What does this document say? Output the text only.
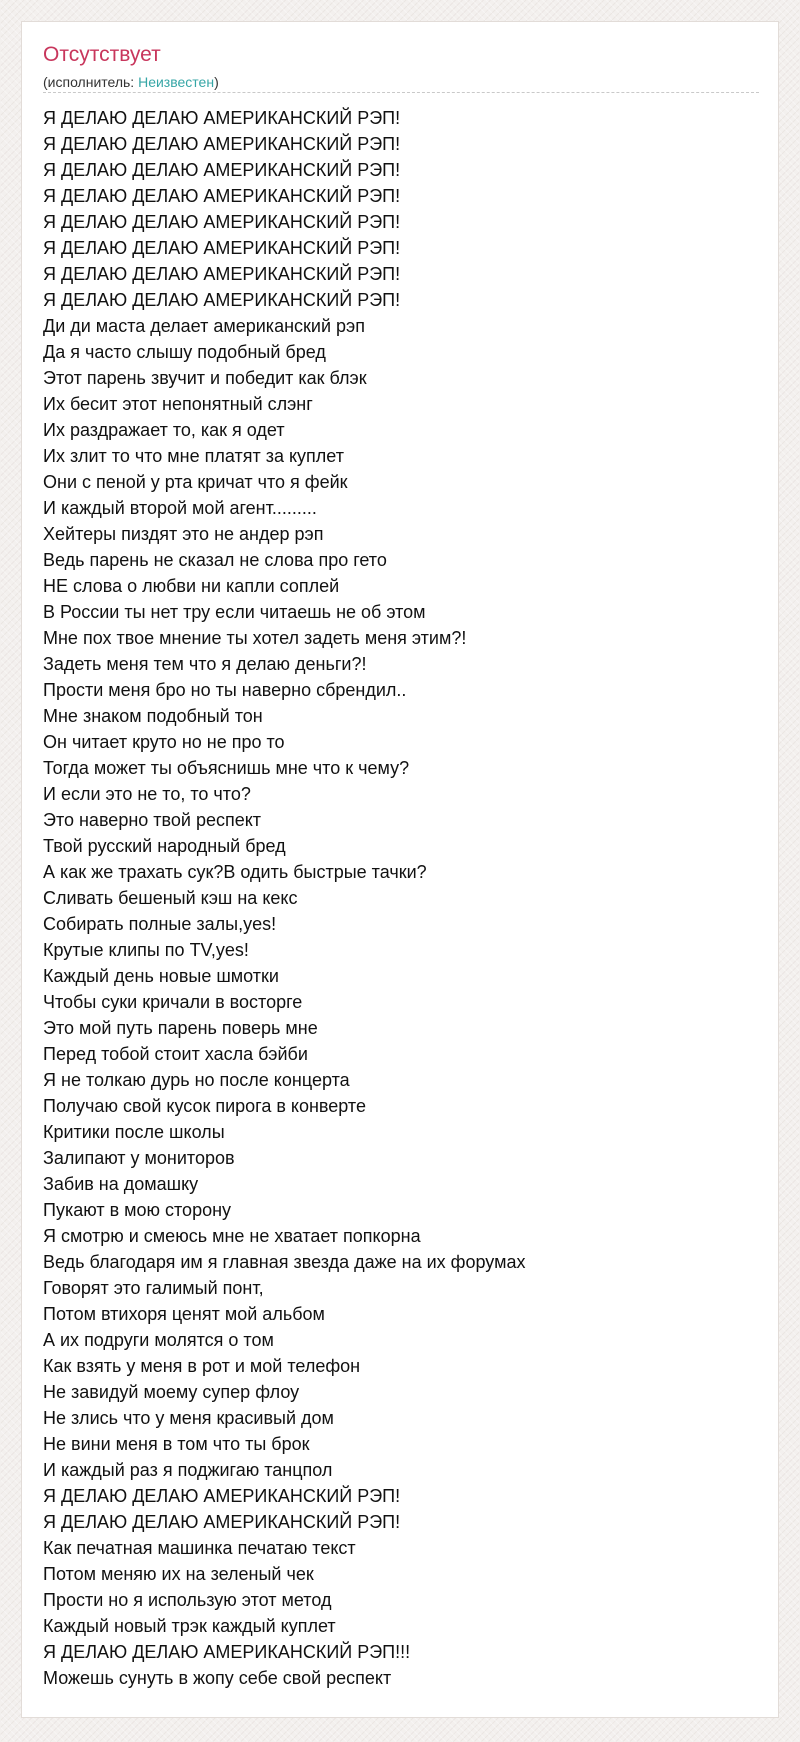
Отсутствует
(исполнитель: Неизвестен)
Я ДЕЛАЮ ДЕЛАЮ АМЕРИКАНСКИЙ РЭП!
Я ДЕЛАЮ ДЕЛАЮ АМЕРИКАНСКИЙ РЭП!
Я ДЕЛАЮ ДЕЛАЮ АМЕРИКАНСКИЙ РЭП!
Я ДЕЛАЮ ДЕЛАЮ АМЕРИКАНСКИЙ РЭП!
Я ДЕЛАЮ ДЕЛАЮ АМЕРИКАНСКИЙ РЭП!
Я ДЕЛАЮ ДЕЛАЮ АМЕРИКАНСКИЙ РЭП!
Я ДЕЛАЮ ДЕЛАЮ АМЕРИКАНСКИЙ РЭП!
Я ДЕЛАЮ ДЕЛАЮ АМЕРИКАНСКИЙ РЭП!
Ди ди маста делает американский рэп
Да я часто слышу подобный бред
Этот парень звучит и победит как блэк
Их бесит этот непонятный слэнг
Их раздражает то, как я одет
Их злит то что мне платят за куплет
Они с пеной у рта кричат что я фейк
И каждый второй мой агент.........
Хейтеры пиздят это не андер рэп
Ведь парень не сказал не слова про гето
НЕ слова о любви ни капли соплей
В России ты нет тру если читаешь не об этом
Мне пох твое мнение ты хотел задеть меня этим?!
Задеть меня тем что я делаю деньги?!
Прости меня бро но ты наверно сбрендил..
Мне знаком подобный тон
Он читает круто но не про то
Тогда может ты объяснишь мне что к чему?
И если это не то, то что?
Это наверно твой респект
Твой русский народный бред
А как же трахать сук?В одить быстрые тачки?
Сливать бешеный кэш на кекс
Собирать полные залы,yes!
Крутые клипы по TV,yes!
Каждый день новые шмотки
Чтобы суки кричали в восторге
Это мой путь парень поверь мне
Перед тобой стоит хасла бэйби
Я не толкаю дурь но после концерта
Получаю свой кусок пирога в конверте
Критики после школы
Залипают у мониторов
Забив на домашку
Пукают в мою сторону
Я смотрю и смеюсь мне не хватает попкорна
Ведь благодаря им я главная звезда даже на их форумах
Говорят это галимый понт,
Потом втихоря ценят мой альбом
А их подруги молятся о том
Как взять у меня в рот и мой телефон
Не завидуй моему супер флоу
Не злись что у меня красивый дом
Не вини меня в том что ты брок
И каждый раз я поджигаю танцпол
Я ДЕЛАЮ ДЕЛАЮ АМЕРИКАНСКИЙ РЭП!
Я ДЕЛАЮ ДЕЛАЮ АМЕРИКАНСКИЙ РЭП!
Как печатная машинка печатаю текст
Потом меняю их на зеленый чек
Прости но я использую этот метод
Каждый новый трэк каждый куплет
Я ДЕЛАЮ ДЕЛАЮ АМЕРИКАНСКИЙ РЭП!!!
Можешь сунуть в жопу себе свой респект
